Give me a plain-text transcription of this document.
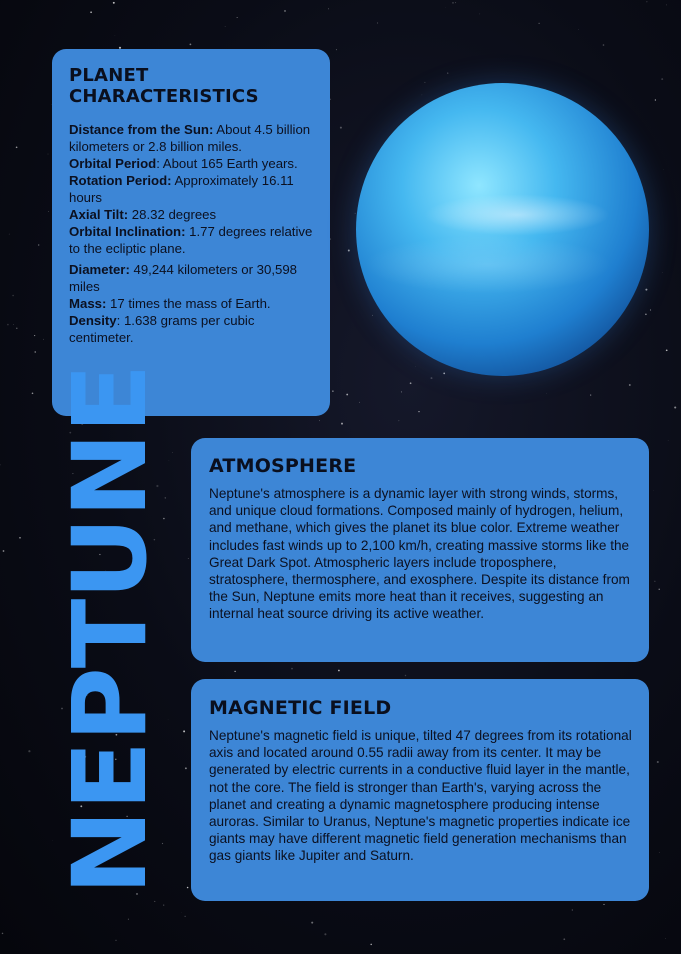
PLANET CHARACTERISTICS
Distance from the Sun: About 4.5 billion kilometers or 2.8 billion miles.
Orbital Period: About 165 Earth years.
Rotation Period: Approximately 16.11 hours
Axial Tilt: 28.32 degrees
Orbital Inclination: 1.77 degrees relative to the ecliptic plane.
Diameter: 49,244 kilometers or 30,598 miles
Mass: 17 times the mass of Earth.
Density: 1.638 grams per cubic centimeter.
NEPTUNE ATMOSPHERE

Neptune's atmosphere is a dynamic layer with strong winds, storms, and unique cloud formations. Composed mainly of hydrogen, helium, and methane, which gives the planet its blue color. Extreme weather includes fast winds up to 2,100 km/h, creating massive storms like the Great Dark Spot. Atmospheric layers include troposphere, stratosphere, thermosphere, and exosphere. Despite its distance from the Sun, Neptune emits more heat than it receives, suggesting an internal heat source driving its active weather.

MAGNETIC FIELD

Neptune's magnetic field is unique, tilted 47 degrees from its rotational axis and located around 0.55 radii away from its center. It may be generated by electric currents in a conductive fluid layer in the mantle, not the core. The field is stronger than Earth's, varying across the planet and creating a dynamic magnetosphere producing intense auroras. Similar to Uranus, Neptune's magnetic properties indicate ice giants may have different magnetic field generation mechanisms than gas giants like Jupiter and Saturn.
